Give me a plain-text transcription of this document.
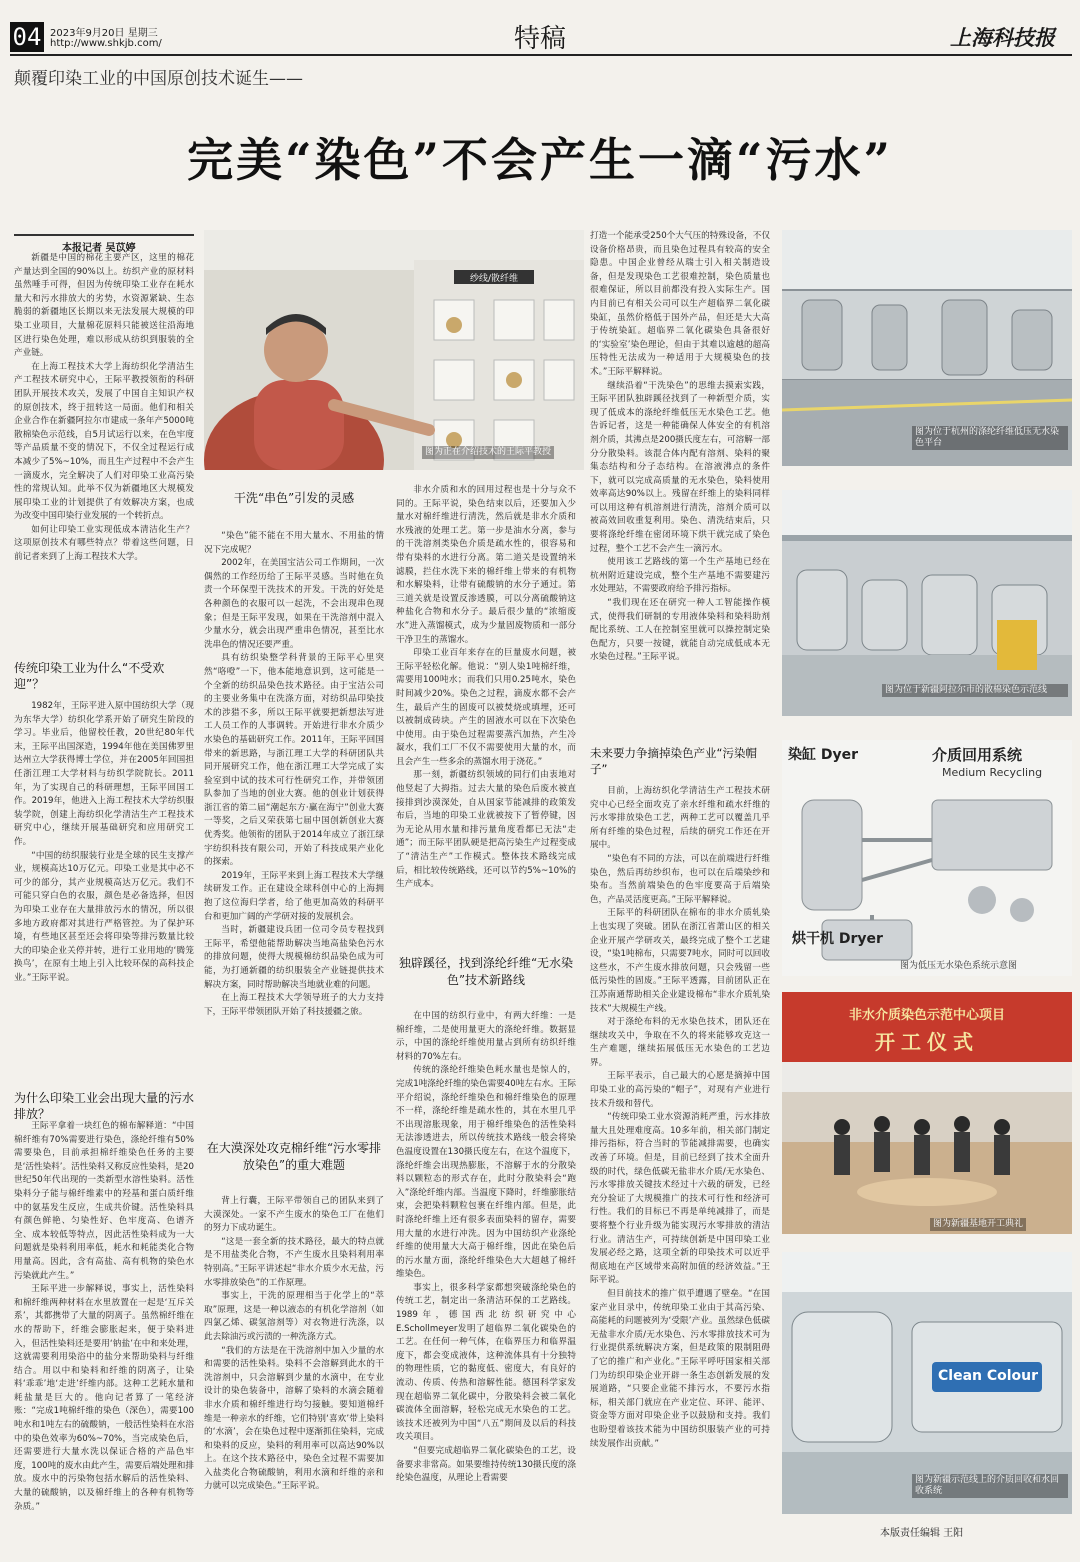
04 2023年9月20日 星期三
http://www.shkjb.com/	特稿	上海科技报
颠覆印染工业的中国原创技术诞生——
完美“染色”不会产生一滴“污水”
本报记者 吴苡婷

新疆是中国的棉花主要产区，这里的棉花产量达到全国的90%以上。纺织产业的原材料虽然唾手可得，但因为传统印染工业存在耗水量大和污水排放大的劣势，水资源紧缺、生态脆弱的新疆地区长期以来无法发展大规模的印染工业项目，大量棉花原料只能被送往沿海地区进行染色处理，难以形成从纺织到服装的全产业链。

在上海工程技术大学上海纺织化学清洁生产工程技术研究中心，王际平教授领衔的科研团队开展技术攻关，发展了中国自主知识产权的原创技术，终于扭转这一局面。他们和相关企业合作在新疆阿拉尔市建成一条年产5000吨散棉染色示范线，自5月试运行以来，在色牢度等产品质量不变的情况下，不仅全过程运行成本减少了5%~10%，而且生产过程中不会产生一滴废水，完全解决了人们对印染工业高污染性的常规认知。此举不仅为新疆地区大规模发展印染工业的计划提供了有效解决方案，也成为改变中国印染行业发展的一个转折点。

如何让印染工业实现低成本清洁化生产？这项原创技术有哪些特点？带着这些问题，日前记者来到了上海工程技术大学。

传统印染工业为什么“不受欢迎”？

1982年，王际平进入原中国纺织大学（现为东华大学）纺织化学系开始了研究生阶段的学习。毕业后，他留校任教，20世纪80年代末，王际平出国深造，1994年他在美国佛罗里达州立大学获得博士学位，并在2005年回国担任浙江理工大学材料与纺织学院院长。2011年，为了实现自己的科研理想，王际平回国工作。2019年，他进入上海工程技术大学纺织服装学院，创建上海纺织化学清洁生产工程技术研究中心，继续开展基础研究和应用研究工作。

“中国的纺织服装行业是全球的民生支撑产业，规模高达10万亿元。印染工业是其中必不可少的部分，其产业规模高达万亿元。我们不可能只穿白色的衣服，颜色是必备选择，但因为印染工业存在大量排放污水的情况，所以很多地方政府都对其进行严格管控。为了保护环境，有些地区甚至还会将印染等排污数量比较大的印染企业关停并转，进行工业用地的‘腾笼换鸟’，在原有土地上引入比较环保的高科技企业。”王际平说。

为什么印染工业会出现大量的污水排放？

王际平拿着一块红色的棉布解释道：“中国棉纤维有70%需要进行染色，涤纶纤维有50%需要染色，目前承担棉纤维染色任务的主要是‘活性染料’。活性染料又称反应性染料，是20世纪50年代出现的一类新型水溶性染料。活性染料分子能与棉纤维素中的羟基和蛋白质纤维中的氨基发生反应，生成共价键。活性染料具有颜色鲜艳、匀染性好、色牢度高、色谱齐全、成本较低等特点，因此活性染料成为一大问题就是染料利用率低，耗水和耗能类化合物用量高。因此，含有高盐、高有机物的染色水污染就此产生。”

王际平进一步解释说，事实上，活性染料和棉纤维两种材料在水里放置在一起是‘互斥关系’，其都携带了大量的阴离子。虽然棉纤维在水的帮助下，纤维会膨胀起来，便于染料进入，但活性染料还是要用‘钠盐’在中和来处理，这就需要利用染浴中的盐分来帮助染料与纤维结合。用以中和染料和纤维的阴离子，让染料‘乖乖’地‘走进’纤维内部。这种工艺耗水量和耗盐量是巨大的。他向记者算了一笔经济账：“完成1吨棉纤维的染色（深色），需要100吨水和1吨左右的硫酸钠，一般活性染料在水浴中的染色效率为60%~70%，当完成染色后，还需要进行大量水洗以保证合格的产品色牢度，100吨的废水由此产生，需要后端处理和排放。废水中的污染物包括水解后的活性染料、大量的硫酸钠，以及棉纤维上的各种有机物等杂质。”

纱线/散纤维
图为正在介绍技术的王际平教授
干洗“串色”引发的灵感

“染色”能不能在不用大量水、不用盐的情况下完成呢？

2002年，在美国宝洁公司工作期间，一次偶然的工作经历给了王际平灵感。当时他在负责一个环保型干洗技术的开发。干洗的好处是各种颜色的衣服可以一起洗，不会出现串色现象；但是王际平发现，如果在干洗溶剂中混入少量水分，就会出现严重串色情况，甚至比水洗串色的情况还要严重。

具有纺织染整学科背景的王际平心里突然“咯噔”一下，他本能地意识到，这可能是一个全新的纺织品染色技术路径。由于宝洁公司的主要业务集中在洗涤方面，对纺织品印染技术的涉猎不多，所以王际平就要把新想法写进工人员工作的人事调转。开始进行非水介质少水染色的基础研究工作。2011年，王际平回国带来的新思路，与浙江理工大学的科研团队共同开展研究工作，他在浙江理工大学完成了实验室到中试的技术可行性研究工作，并带领团队参加了当地的创业大赛。他的创业计划获得浙江省的第二届“潮起东方·赢在海宁”创业大赛一等奖，之后又荣获第七届中国创新创业大赛优秀奖。他领衔的团队于2014年成立了浙江绿宇纺织科技有限公司，开始了科技成果产业化的探索。

2019年，王际平来到上海工程技术大学继续研发工作。正在建设全球科创中心的上海拥抱了这位海归学者，给了他更加高效的科研平台和更加广阔的产学研对接的发展机会。

当时，新疆建设兵团一位司令员专程找到王际平，希望他能帮助解决当地高盐染色污水的排放问题，使得大规模棉纺织品染色成为可能，为打通新疆的纺织服装全产业链提供技术解决方案，同时帮助解决当地就业难的问题。

在上海工程技术大学领导班子的大力支持下，王际平带领团队开始了科技援疆之旅。

在大漠深处攻克棉纤维“污水零排放染色”的重大难题

背上行囊，王际平带领自己的团队来到了大漠深处。一家不产生废水的染色工厂在他们的努力下成功诞生。

“这是一套全新的技术路径，最大的特点就是不用盐类化合物，不产生废水且染料利用率特别高。”王际平讲述起“非水介质少水无盐，污水零排放染色”的工作原理。

事实上，干洗的原理相当于化学上的“萃取”原理，这是一种以液态的有机化学溶剂（如四氯乙烯、碳氢溶剂等）对衣物进行洗涤，以此去除油污或污渍的一种洗涤方式。

“我们的方法是在干洗溶剂中加入少量的水和需要的活性染料。染料不会溶解到此水的干洗溶剂中，只会溶解到少量的水滴中，在专业设计的染色装备中，溶解了染料的水滴会随着非水介质和棉纤维进行均匀接触。要知道棉纤维是一种亲水的纤维，它们特别‘喜欢’带上染料的‘水滴’，会在染色过程中逐渐抓住染料，完成和染料的反应，染料的利用率可以高达90%以上。在这个技术路径中，染色全过程不需要加入盐类化合物硫酸钠，利用水滴和纤维的亲和力就可以完成染色。”王际平说。

非水介质和水的回用过程也是十分与众不同的。王际平说，染色结束以后，还要加入少量水对棉纤维进行清洗，然后就是非水介质和水残液的处理工艺。第一步是油水分离，参与的干洗溶剂类染色介质是疏水性的，很容易和带有染料的水进行分离。第二道关是设置纳米滤膜，拦住水洗下来的棉纤维上带来的有机物和水解染料，让带有硫酸钠的水分子通过。第三道关就是设置反渗透膜，可以分离硫酸钠这种盐化合物和水分子。最后很少量的“浓缩废水”进入蒸馏模式，成为少量固废物质和一部分干净卫生的蒸馏水。

印染工业百年来存在的巨量废水问题，被王际平轻松化解。他说：“别人染1吨棉纤维，需要用100吨水；而我们只用0.25吨水，染色时间减少20%。染色之过程，滴废水都不会产生，最后产生的固废可以被焚烧或填埋，还可以被制成砖块。产生的固液水可以在下次染色中使用。由于染色过程需要蒸汽加热，产生冷凝水，我们工厂不仅不需要使用大量的水，而且会产生一些多余的蒸馏水用于浇花。”

那一刻，新疆纺织领域的同行们由衷地对他竖起了大拇指。过去大量的染色后废水被直接排到沙漠深处，自从国家节能减排的政策发布后，当地的印染工业就被按下了暂停键，因为无论从用水量和排污量角度看都已无法“走通”；而王际平团队硬是把高污染生产过程变成了“清洁生产”工作模式。整体技术路线完成后，相比较传统路线，还可以节约5%~10%的生产成本。

独辟蹊径，找到涤纶纤维“无水染色”技术新路线

在中国的纺织行业中，有两大纤维：一是棉纤维，二是使用量更大的涤纶纤维。数据显示，中国的涤纶纤维使用量占到所有纺织纤维材料的70%左右。

传统的涤纶纤维染色耗水量也是惊人的，完成1吨涤纶纤维的染色需要40吨左右水。王际平介绍说，涤纶纤维染色和棉纤维染色的原理不一样，涤纶纤维是疏水性的，其在水里几乎不出现溶胀现象，用于棉纤维染色的活性染料无法渗透进去，所以传统技术路线一般会将染色温度设置在130摄氏度左右，在这个温度下，涤纶纤维会出现热膨胀，不溶解于水的分散染料以颗粒态的形式存在，此时分散染料会“跑入”涤纶纤维内部。当温度下降时，纤维膨胀结束，会把染料颗粒包裹在纤维内部。但是，此时涤纶纤维上还有很多表面染料的留存，需要用大量的水进行冲洗。因为中国纺织产业涤纶纤维的使用量大大高于棉纤维，因此在染色后的污水量方面，涤纶纤维染色大大超越了棉纤维染色。

事实上，很多科学家都想突破涤纶染色的传统工艺，制定出一条清洁环保的工艺路线。1989年，德国西北纺织研究中心E.Schollmeyer发明了超临界二氧化碳染色的工艺。在任何一种气体，在临界压力和临界温度下，都会变成液体，这种流体具有十分独特的物理性质，它的黏度低、密度大，有良好的流动、传质、传热和溶解性能。德国科学家发现在超临界二氧化碳中，分散染料会被二氧化碳流体全面溶解，轻松完成无水染色的工艺。该技术还被列为中国“八五”期间及以后的科技攻关项目。

“但要完成超临界二氧化碳染色的工艺，设备要求非常高。如果要维持传统130摄氏度的涤纶染色温度，从理论上看需要

打造一个能承受250个大气压的特殊设备，不仅设备价格昂贵，而且染色过程具有较高的安全隐患。中国企业曾经从瑞士引入相关制造设备，但是发现染色工艺很难控制，染色质量也很难保证，所以目前都没有投入实际生产。国内目前已有相关公司可以生产超临界二氧化碳染缸，虽然价格低于国外产品，但还是大大高于传统染缸。超临界二氧化碳染色具备很好的‘实验室’染色理论，但由于其难以逾越的超高压特性无法成为一种适用于大规模染色的技术。”王际平解释说。

继续沿着“干洗染色”的思维去摸索实践，王际平团队独辟蹊径找到了一种新型介质，实现了低成本的涤纶纤维低压无水染色工艺。他告诉记者，这是一种能确保人体安全的有机溶剂介质，其沸点是200摄氏度左右，可溶解一部分分散染料。该混合体内配有溶剂、染料的聚集态结构和分子态结构。在溶液沸点的条件下，就可以完成高质量的无水染色，染料使用效率高达90%以上。残留在纤维上的染料同样可以用这种有机溶剂进行清洗，溶剂介质可以被高效回收重复利用。染色、清洗结束后，只要将涤纶纤维在密闭环境下烘干就完成了染色过程，整个工艺不会产生一滴污水。

使用该工艺路线的第一个生产基地已经在杭州附近建设完成，整个生产基地不需要建污水处理站，不需要政府给予排污指标。

“我们现在还在研究一种人工智能操作模式，使得我们研制的专用液体染料和染料助剂配比系统、工人在控制室里就可以操控制定染色配方，只要一按键，就能自动完成低成本无水染色过程。”王际平说。

未来要力争摘掉染色产业“污染帽子”

目前，上海纺织化学清洁生产工程技术研究中心已经全面攻克了亲水纤维和疏水纤维的污水零排放染色工艺，两种工艺可以覆盖几乎所有纤维的染色过程，后续的研究工作还在开展中。

“染色有不同的方法，可以在前端进行纤维染色，然后再纺纱织布，也可以在后端染纱和染布。当然前端染色的色牢度要高于后端染色，产品灵活度更高。”王际平解释说。

王际平的科研团队在棉布的非水介质轧染上也实现了突破。团队在浙江省萧山区的相关企业开展产学研攻关，最终完成了整个工艺建设，“染1吨棉布，只需要7吨水，同时可以回收这些水，不产生废水排放问题，只会残留一些低污染性的固废。”王际平透露，目前团队正在江苏南通帮助相关企业建设棉布“非水介质轧染技术”大规模生产线。

对于涤纶布料的无水染色技术，团队还在继续攻关中，争取在不久的将来能够攻克这一生产难题，继续拓展低压无水染色的工艺边界。

王际平表示，自己最大的心愿是摘掉中国印染工业的高污染的“帽子”，对现有产业进行技术升级和替代。

“传统印染工业水资源消耗严重，污水排放量大且处理难度高。10多年前，相关部门制定排污指标，符合当时的节能减排需要，也确实改善了环境。但是，目前已经到了技术全面升级的时代，绿色低碳无盐非水介质/无水染色、污水零排放关键技术经过十六载的研发，已经充分验证了大规模推广的技术可行性和经济可行性。我们的目标已不再是单纯减排了，而是要将整个行业升级为能实现污水零排放的清洁行业。清洁生产，可持续创新是中国印染工业发展必经之路，这项全新的印染技术可以近乎彻底地在产区域带来高附加值的经济效益。”王际平说。

但目前技术的推广似乎遭遇了壁垒。“在国家产业目录中，传统印染工业由于其高污染、高能耗的问题被列为‘受限’产业。虽然绿色低碳无盐非水介质/无水染色、污水零排放技术可为行业提供系统解决方案，但是政策的限制阻碍了它的推广和产业化。”王际平呼吁国家相关部门为纺织印染企业开辟一条生态创新发展的发展道路，“只要企业能不排污水，不要污水指标，相关部门就应在产业定位、环评、能评、资金等方面对印染企业予以鼓励和支持。我们也盼望着该技术能为中国纺织服装产业的可持续发展作出贡献。”

图为位于杭州的涤纶纤维低压无水染色平台
图为位于新疆阿拉尔市的散棉染色示范线
染缸 Dyer	介质回用系统
Medium Recycling
烘干机 Dryer
图为低压无水染色系统示意图
非水介质染色示范中心项目
开工仪式
图为新疆基地开工典礼
Clean Colour
图为新疆示范线上的介质回收和水回收系统
本版责任编辑 王阳
